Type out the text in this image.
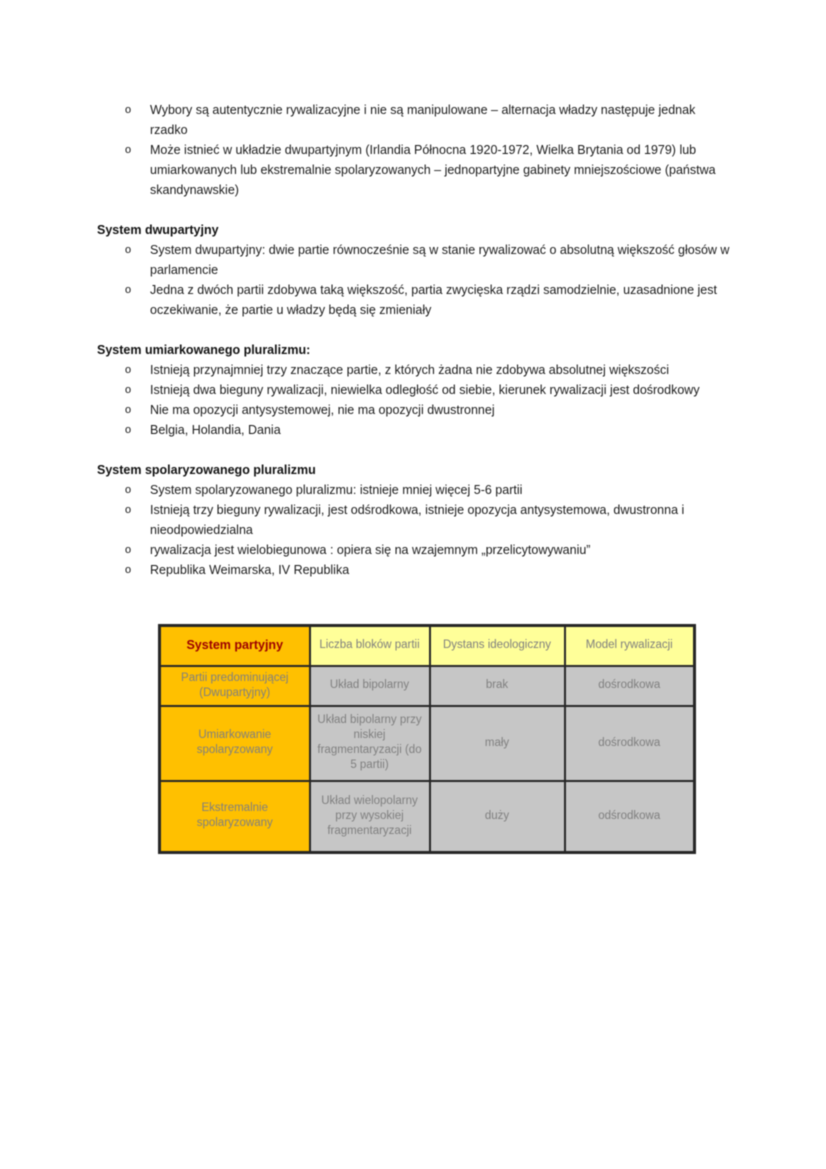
o Wybory są autentycznie rywalizacyjne i nie są manipulowane – alternacja władzy następuje jednak rzadko
o Może istnieć w układzie dwupartyjnym (Irlandia Północna 1920-1972, Wielka Brytania od 1979) lub umiarkowanych lub ekstremalnie spolaryzowanych – jednopartyjne gabinety mniejszościowe (państwa skandynawskie)
System dwupartyjny
o System dwupartyjny: dwie partie równocześnie są w stanie rywalizować o absolutną większość głosów w parlamencie
o Jedna z dwóch partii zdobywa taką większość, partia zwycięska rządzi samodzielnie, uzasadnione jest oczekiwanie, że partie u władzy będą się zmieniały
System umiarkowanego pluralizmu:
o Istnieją przynajmniej trzy znaczące partie, z których żadna nie zdobywa absolutnej większości
o Istnieją dwa bieguny rywalizacji, niewielka odległość od siebie, kierunek rywalizacji jest dośrodkowy
o Nie ma opozycji antysystemowej, nie ma opozycji dwustronnej
o Belgia, Holandia, Dania
System spolaryzowanego pluralizmu
o System spolaryzowanego pluralizmu: istnieje mniej więcej 5-6 partii
o Istnieją trzy bieguny rywalizacji, jest odśrodkowa, istnieje opozycja antysystemowa, dwustronna i nieodpowiedzialna
o rywalizacja jest wielobiegunowa : opiera się na wzajemnym „przelicytowywaniu”
o Republika Weimarska, IV Republika
System partyjny	Liczba bloków partii	Dystans ideologiczny	Model rywalizacji
Partii predominującej (Dwupartyjny)	Układ bipolarny	brak	dośrodkowa
Umiarkowanie spolaryzowany	Układ bipolarny przy niskiej fragmentaryzacji (do 5 partii)	mały	dośrodkowa
Ekstremalnie spolaryzowany	Układ wielopolarny przy wysokiej fragmentaryzacji	duży	odśrodkowa
